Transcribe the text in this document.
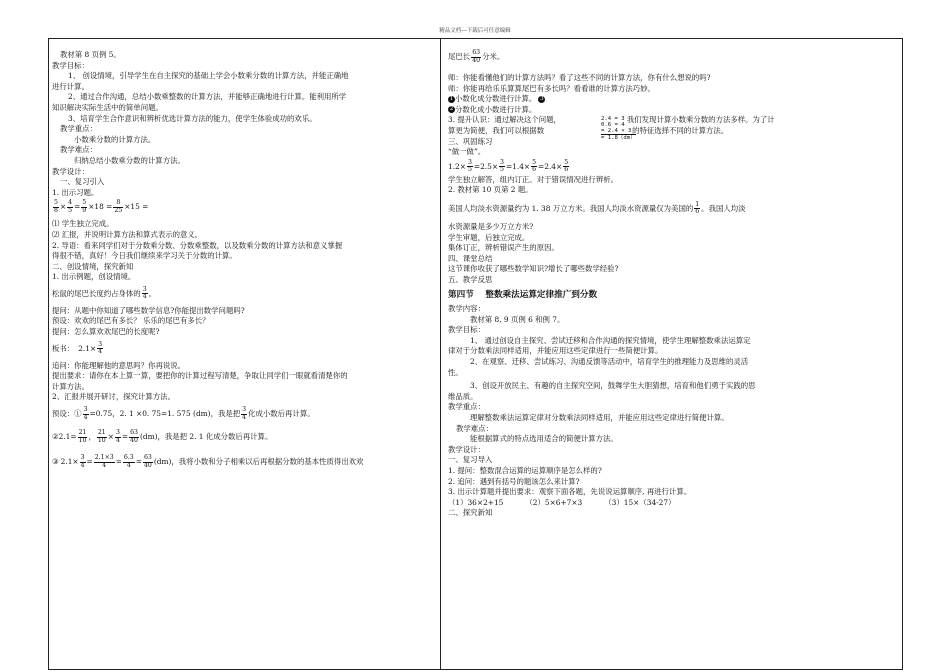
精品文档---下载后可任意编辑

教材第 8 页例 5。

教学目标：

1、 创设情境，引导学生在自主探究的基础上学会小数乘分数的计算方法，并能正确地

进行计算。

2、通过合作沟通，总结小数乘整数的计算方法，并能够正确地进行计算。能利用所学

知识解决实际生活中的简单问题。

3、培育学生合作意识和辨析优选计算方法的能力，使学生体验成功的欢乐。

教学重点：

小数乘分数的计算方法。

教学难点：

归纳总结小数乘分数的计算方法。

教学设计：

一、复习引入

1. 出示习题。

$\frac{5}{8} \times \frac{4}{5} = \frac{5}{9} \times 18 = \frac{8}{25} \times 15$ =

⑴ 学生独立完成。

⑵ 汇报，并说明计算方法和算式表示的意义。

2. 导语：看来同学们对于分数乘分数、分数乘整数，以及数乘分数的计算方法和意义掌握

得很不错，真好！今日我们继续来学习关于分数的计算。

二、创设情境，探究新知

1. 出示例题，创设情境。

松鼠的尾巴长度约占身体的 $\frac{3}{4}$ 。

提问：从题中你知道了哪些数学信息?你能提出数学问题吗?

预设：欢欢的尾巴有多长？ 乐乐的尾巴有多长？

提问：怎么算欢欢尾巴的长度呢?

板书： $2.1\times \frac{3}{4}$

追问：你能理解他的意思吗？你再说说。

提出要求：请你在本上算一算，要把你的计算过程写清楚，争取让同学们一眼就看清楚你的

计算方法。

2、汇报并展开研讨，探究计算方法。

预设：① $\frac{3}{4} =0.75$，2. 1 ×0. 75=1. 575 (dm)，我是把 $\frac{3}{4}$ 化成小数后再计算。

②2.1= $\frac{21}{10}$ ， $\frac{21}{10} \times \frac{3}{4} = \frac{63}{40} (dm)$，我是把 2. 1 化成分数后再计算。

③ $2.1\times \frac{3}{4} = \frac{2.1\times 3}{4} = \frac{6.3}{4} = \frac{63}{40} (dm)$，我将小数和分子相乘以后再根据分数的基本性质得出欢欢

尾巴长 $\frac{63}{40}$ 分米。

师：你能看懂他们的计算方法吗？看了这些不同的计算方法，你有什么想说的吗?

师：你能再给乐乐算算尾巴有多长吗？看看谁的计算方法巧妙。

1 小数化成分数进行计算。 3

2 分数化成小数进行计算。

3. 提升认识：通过解决这个问题，	我们发现计算小数乘分数的方法多样。为了计

算更为简便，我们可以根据数	的特征选择不同的计算方法。

2.4 = 3
0.6 = 4
= 2.4 × 3
= 1.8（dm）

三、巩固练习

“做一做”。

$1.2\times \frac{3}{5} =2.5\times \frac{3}{5} =1.4\times \frac{5}{6} =2.4\times \frac{5}{6}$

学生独立解答，组内订正。对于错误情况进行辨析。

2. 教材第 10 页第 2 题。

美国人均淡水资源量约为 1. 38 万立方米。我国人均淡水资源量仅为美国的 $\frac{1}{6}$ 。我国人均淡

水资源量是多少万立方米?

学生审题，后独立完成。

集体订正，辨析错误产生的原因。

四、课堂总结

这节课你收获了哪些数学知识?增长了哪些数学经验?

五、教学反思

第四节　 整数乘法运算定律推广到分数

教学内容：

教材第 8, 9 页例 6 和例 7。

教学目标：

1、 通过创设自主探究、尝试迁移和合作沟通的探究情境，使学生理解整数乘法运算定

律对于分数乘法同样适用，并能应用这些定律进行一些简便计算。

2、在观察、迁移、尝试练习、沟通反馈等活动中，培育学生的推理能力及思维的灵活

性。

3、创设开放民主、有趣的自主探究空间，鼓舞学生大胆猜想，培育和他们勇于实践的思

维品质。

教学重点：

理解整数乘法运算定律对分数乘法同样适用，并能应用这些定律进行简便计算。

教学难点：

能根据算式的特点选用适合的简便计算方法。

教学设计：

一、复习导入

1. 提问：整数混合运算的运算顺序是怎么样的?

2. 追问：遇到有括号的题该怎么来计算?

3. 出示计算题并提出要求：观察下面各题，先说说运算顺序, 再进行计算。

（1）36×2+15	（2）5×6+7×3	（3）15×（34-27）

二、探究新知
